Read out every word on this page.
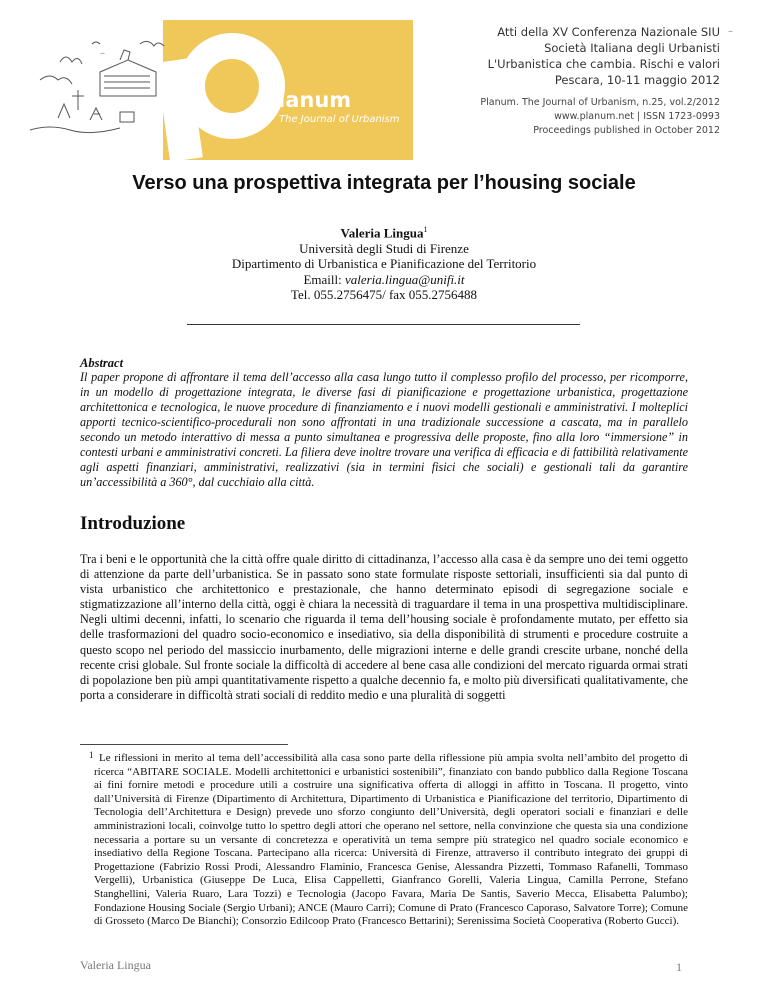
–
–
lanum
The Journal of Urbanism
Atti della XV Conferenza Nazionale SIU
Società Italiana degli Urbanisti
L'Urbanistica che cambia. Rischi e valori
Pescara, 10-11 maggio 2012
Planum. The Journal of Urbanism, n.25, vol.2/2012
www.planum.net | ISSN 1723-0993
Proceedings published in October 2012
Verso una prospettiva integrata per l’housing sociale
Valeria Lingua$^1$
Università degli Studi di Firenze
Dipartimento di Urbanistica e Pianificazione del Territorio
Emaill: valeria.lingua@unifi.it
Tel. 055.2756475/ fax 055.2756488
Abstract
Il paper propone di affrontare il tema dell’accesso alla casa lungo tutto il complesso profilo del processo, per ricomporre, in un modello di progettazione integrata, le diverse fasi di pianificazione e progettazione urbanistica, progettazione architettonica e tecnologica, le nuove procedure di finanziamento e i nuovi modelli gestionali e amministrativi. I molteplici apporti tecnico-scientifico-procedurali non sono affrontati in una tradizionale successione a cascata, ma in parallelo secondo un metodo interattivo di messa a punto simultanea e progressiva delle proposte, fino alla loro “immersione” in contesti urbani e amministrativi concreti. La filiera deve inoltre trovare una verifica di efficacia e di fattibilità relativamente agli aspetti finanziari, amministrativi, realizzativi (sia in termini fisici che sociali) e gestionali tali da garantire un’accessibilità a 360°, dal cucchiaio alla città.
Introduzione
Tra i beni e le opportunità che la città offre quale diritto di cittadinanza, l’accesso alla casa è da sempre uno dei temi oggetto di attenzione da parte dell’urbanistica. Se in passato sono state formulate risposte settoriali, insufficienti sia dal punto di vista urbanistico che architettonico e prestazionale, che hanno determinato episodi di segregazione sociale e stigmatizzazione all’interno della città, oggi è chiara la necessità di traguardare il tema in una prospettiva multidisciplinare. Negli ultimi decenni, infatti, lo scenario che riguarda il tema dell’housing sociale è profondamente mutato, per effetto sia delle trasformazioni del quadro socio-economico e insediativo, sia della disponibilità di strumenti e procedure costruite a questo scopo nel periodo del massiccio inurbamento, delle migrazioni interne e delle grandi crescite urbane, nonché della recente crisi globale. Sul fronte sociale la difficoltà di accedere al bene casa alle condizioni del mercato riguarda ormai strati di popolazione ben più ampi quantitativamente rispetto a qualche decennio fa, e molto più diversificati qualitativamente, che porta a considerare in difficoltà strati sociali di reddito medio e una pluralità di soggetti
1 Le riflessioni in merito al tema dell’accessibilità alla casa sono parte della riflessione più ampia svolta nell’ambito del progetto di ricerca “ABITARE SOCIALE. Modelli architettonici e urbanistici sostenibili”, finanziato con bando pubblico dalla Regione Toscana ai fini fornire metodi e procedure utili a costruire una significativa offerta di alloggi in affitto in Toscana. Il progetto, vinto dall’Università di Firenze (Dipartimento di Architettura, Dipartimento di Urbanistica e Pianificazione del territorio, Dipartimento di Tecnologia dell’Architettura e Design) prevede uno sforzo congiunto dell’Università, degli operatori sociali e finanziari e delle amministrazioni locali, coinvolge tutto lo spettro degli attori che operano nel settore, nella convinzione che questa sia una condizione necessaria a portare su un versante di concretezza e operatività un tema sempre più strategico nel quadro sociale economico e insediativo della Regione Toscana. Partecipano alla ricerca: Università di Firenze, attraverso il contributo integrato dei gruppi di Progettazione (Fabrizio Rossi Prodi, Alessandro Flaminio, Francesca Genise, Alessandra Pizzetti, Tommaso Rafanelli, Tommaso Vergelli), Urbanistica (Giuseppe De Luca, Elisa Cappelletti, Gianfranco Gorelli, Valeria Lingua, Camilla Perrone, Stefano Stanghellini, Valeria Ruaro, Lara Tozzi) e Tecnologia (Jacopo Favara, Maria De Santis, Saverio Mecca, Elisabetta Palumbo); Fondazione Housing Sociale (Sergio Urbani); ANCE (Mauro Carri); Comune di Prato (Francesco Caporaso, Salvatore Torre); Comune di Grosseto (Marco De Bianchi); Consorzio Edilcoop Prato (Francesco Bettarini); Serenissima Società Cooperativa (Roberto Gucci).
Valeria Lingua	1
